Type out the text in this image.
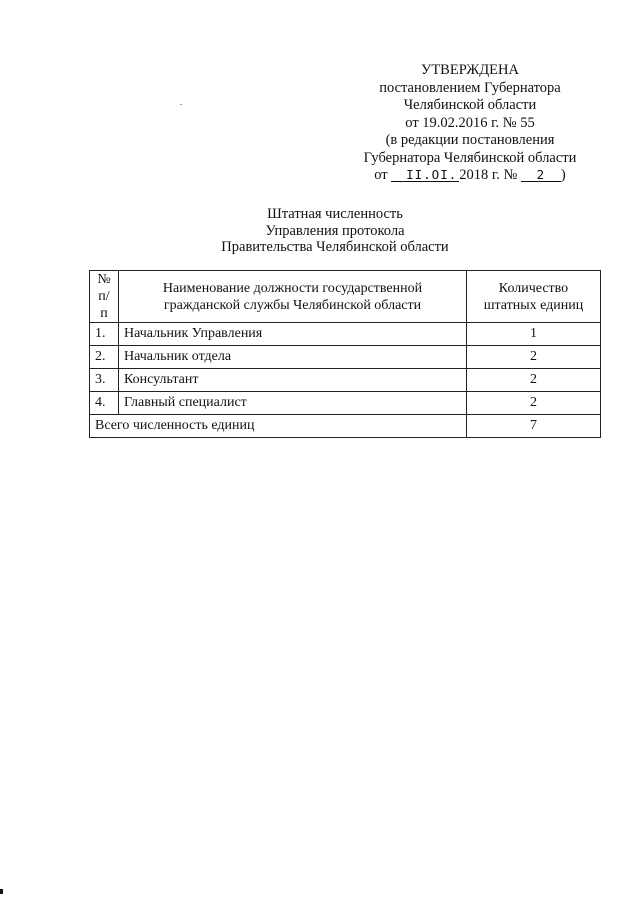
УТВЕРЖДЕНА
постановлением Губернатора
Челябинской области
от 19.02.2016 г. № 55
(в редакции постановления
Губернатора Челябинской области
от II.OI. 2018 г. № 2 )
Штатная численность
Управления протокола
Правительства Челябинской области
№ п/п	Наименование должности государственной гражданской службы Челябинской области	Количество штатных единиц
1.	Начальник Управления	1
2.	Начальник отдела	2
3.	Консультант	2
4.	Главный специалист	2
Всего численность единиц		7
